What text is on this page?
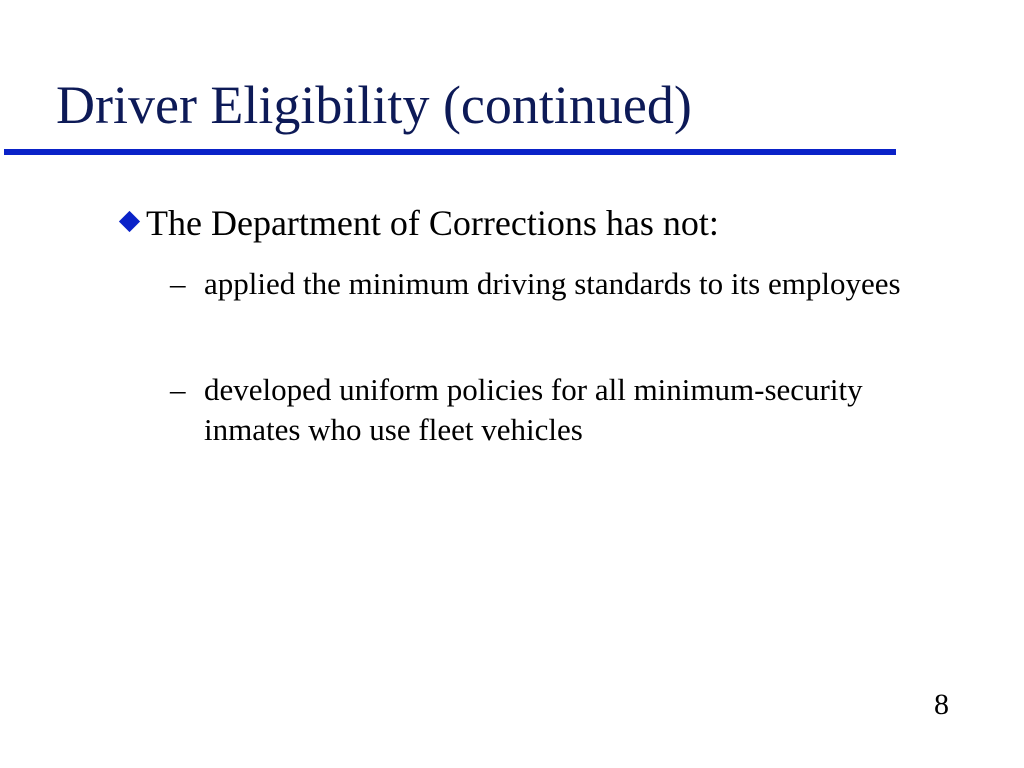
Driver Eligibility (continued)
The Department of Corrections has not:
– applied the minimum driving standards to its employees
– developed uniform policies for all minimum-security inmates who use fleet vehicles
8
